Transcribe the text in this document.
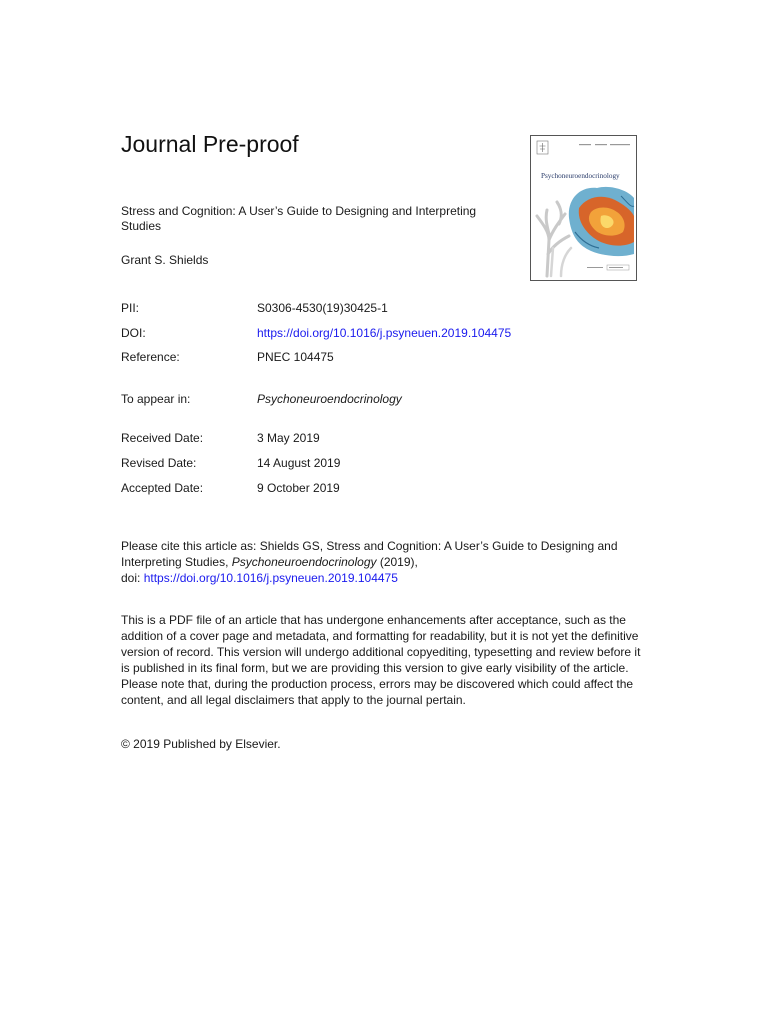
Journal Pre-proof
Psychoneuroendocrinology

Stress and Cognition: A User’s Guide to Designing and Interpreting Studies

Grant S. Shields
PII:	S0306-4530(19)30425-1
DOI:	https://doi.org/10.1016/j.psyneuen.2019.104475
Reference:	PNEC 104475
To appear in:	Psychoneuroendocrinology
Received Date:	3 May 2019
Revised Date:	14 August 2019
Accepted Date:	9 October 2019
Please cite this article as: Shields GS, Stress and Cognition: A User’s Guide to Designing and Interpreting Studies, Psychoneuroendocrinology (2019),
doi: https://doi.org/10.1016/j.psyneuen.2019.104475

This is a PDF file of an article that has undergone enhancements after acceptance, such as the addition of a cover page and metadata, and formatting for readability, but it is not yet the definitive version of record. This version will undergo additional copyediting, typesetting and review before it is published in its final form, but we are providing this version to give early visibility of the article. Please note that, during the production process, errors may be discovered which could affect the content, and all legal disclaimers that apply to the journal pertain.

© 2019 Published by Elsevier.
